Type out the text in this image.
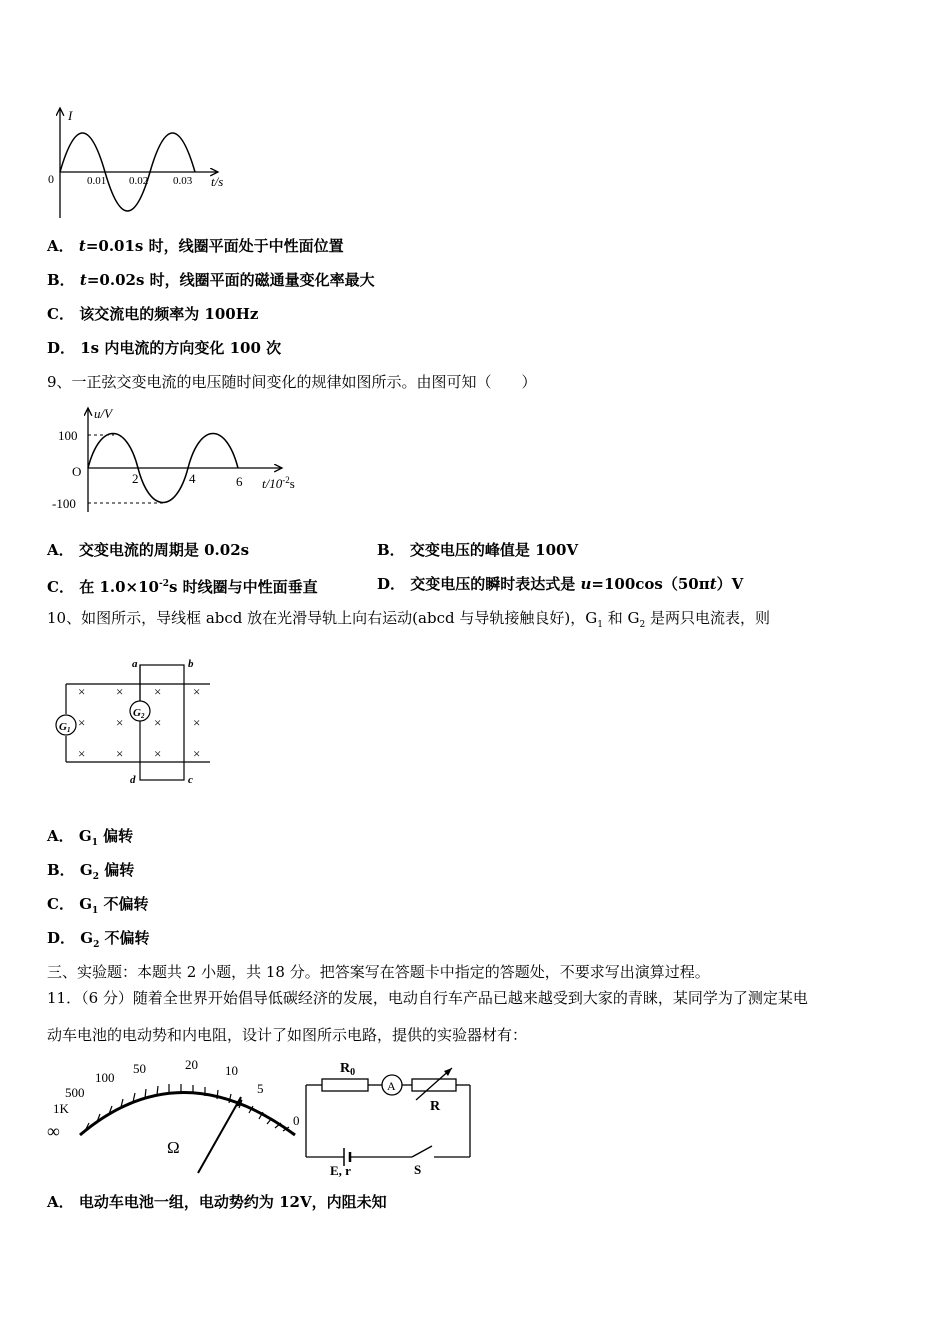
I
0	0.01 0.02 0.03 t/s
A． t=0.01s 时，线圈平面处于中性面位置
B． t=0.02s 时，线圈平面的磁通量变化率最大
C． 该交流电的频率为 100Hz
D． 1s 内电流的方向变化 100 次
9、一正弦交变电流的电压随时间变化的规律如图所示。由图可知（　　）
u/V
100
O
-100
2	4	6 $t/10^{-2}s$
A． 交变电流的周期是 0.02s	B． 交变电压的峰值是 100V
C． 在 $1.0\times 10^{-2}s$ 时线圈与中性面垂直	D． 交变电压的瞬时表达式是 u=100cos（50πt）V
10、如图所示，导线框 abcd 放在光滑导轨上向右运动(abcd 与导轨接触良好)，$G_1$ 和 $G_2$ 是两只电流表，则
G1
G2
a	b
d	c
× × × ×
× × × ×
× × × ×
A． $G_1$ 偏转
B． $G_2$ 偏转
C． $G_1$ 不偏转
D． $G_2$ 不偏转
三、实验题：本题共 2 小题，共 18 分。把答案写在答题卡中指定的答题处，不要求写出演算过程。
11．（6 分）随着全世界开始倡导低碳经济的发展，电动自行车产品已越来越受到大家的青睐，某同学为了测定某电
动车电池的电动势和内电阻，设计了如图所示电路，提供的实验器材有：
∞
1K
500
100
50	20 10
5
0
Ω
A
$R_0$
R
E, r	S
A． 电动车电池一组，电动势约为 12V，内阻未知
